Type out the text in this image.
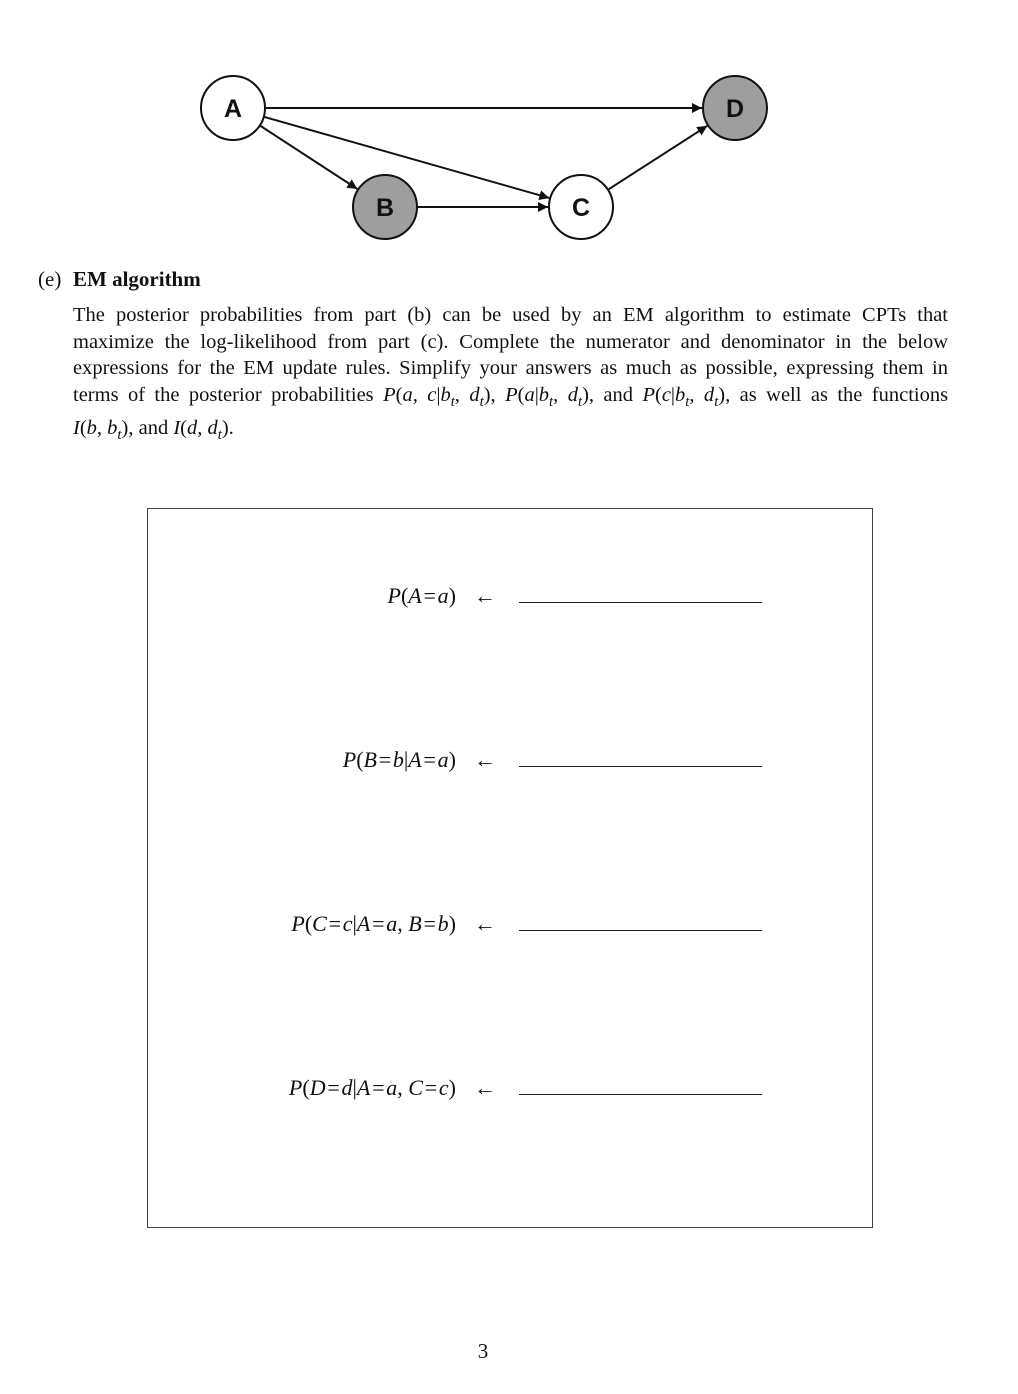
A
B	C
D
(e) EM algorithm
The posterior probabilities from part (b) can be used by an EM algorithm to estimate CPTs that
maximize the log-likelihood from part (c). Complete the numerator and denominator in the below
expressions for the EM update rules. Simplify your answers as much as possible, expressing them in
terms of the posterior probabilities P(a, $c|b_t$, $d_t$), $P(a|b_t$, $d_t$), and $P(c|b_t$, $d_t$), as well as the functions
I(b, $b_t$), and I(d, $d_t$).
P(A=a) ←
P(B=b|A=a) ←
P(C=c|A=a, B=b) ←
P(D=d|A=a, C=c) ←
3
